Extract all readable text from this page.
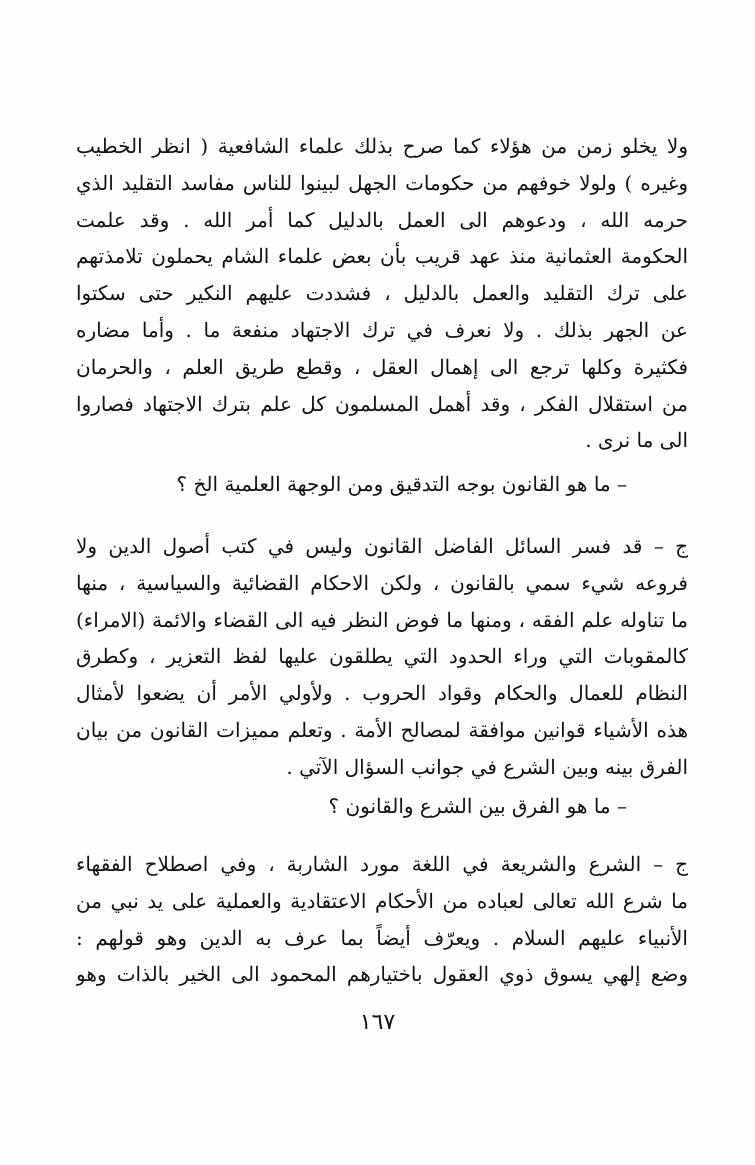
ولا يخلو زمن من هؤلاء كما صرح بذلك علماء الشافعية ( انظر الخطيب
وغيره ) ولولا خوفهم من حكومات الجهل لبينوا للناس مفاسد التقليد الذي
حرمه الله ، ودعوهم الى العمل بالدليل كما أمر الله . وقد علمت
الحكومة العثمانية منذ عهد قريب بأن بعض علماء الشام يحملون تلامذتهم
على ترك التقليد والعمل بالدليل ، فشددت عليهم النكير حتى سكتوا
عن الجهر بذلك . ولا نعرف في ترك الاجتهاد منفعة ما . وأما مضاره
فكثيرة وكلها ترجع الى إهمال العقل ، وقطع طريق العلم ، والحرمان
من استقلال الفكر ، وقد أهمل المسلمون كل علم بترك الاجتهاد فصاروا
الى ما نرى .
– ما هو القانون بوجه التدقيق ومن الوجهة العلمية الخ ؟
ج – قد فسر السائل الفاضل القانون وليس في كتب أصول الدين ولا
فروعه شيء سمي بالقانون ، ولكن الاحكام القضائية والسياسية ، منها
ما تناوله علم الفقه ، ومنها ما فوض النظر فيه الى القضاء والائمة (الامراء)
كالمقوبات التي وراء الحدود التي يطلقون عليها لفظ التعزير ، وكطرق
النظام للعمال والحكام وقواد الحروب . ولأولي الأمر أن يضعوا لأمثال
هذه الأشياء قوانين موافقة لمصالح الأمة . وتعلم مميزات القانون من بيان
الفرق بينه وبين الشرع في جوانب السؤال الآتي .
– ما هو الفرق بين الشرع والقانون ؟
ج – الشرع والشريعة في اللغة مورد الشاربة ، وفي اصطلاح الفقهاء
ما شرع الله تعالى لعباده من الأحكام الاعتقادية والعملية على يد نبي من
الأنبياء عليهم السلام . ويعرّف أيضاً بما عرف به الدين وهو قولهم :
وضع إلهي يسوق ذوي العقول باختيارهم المحمود الى الخير بالذات وهو
١٦٧
